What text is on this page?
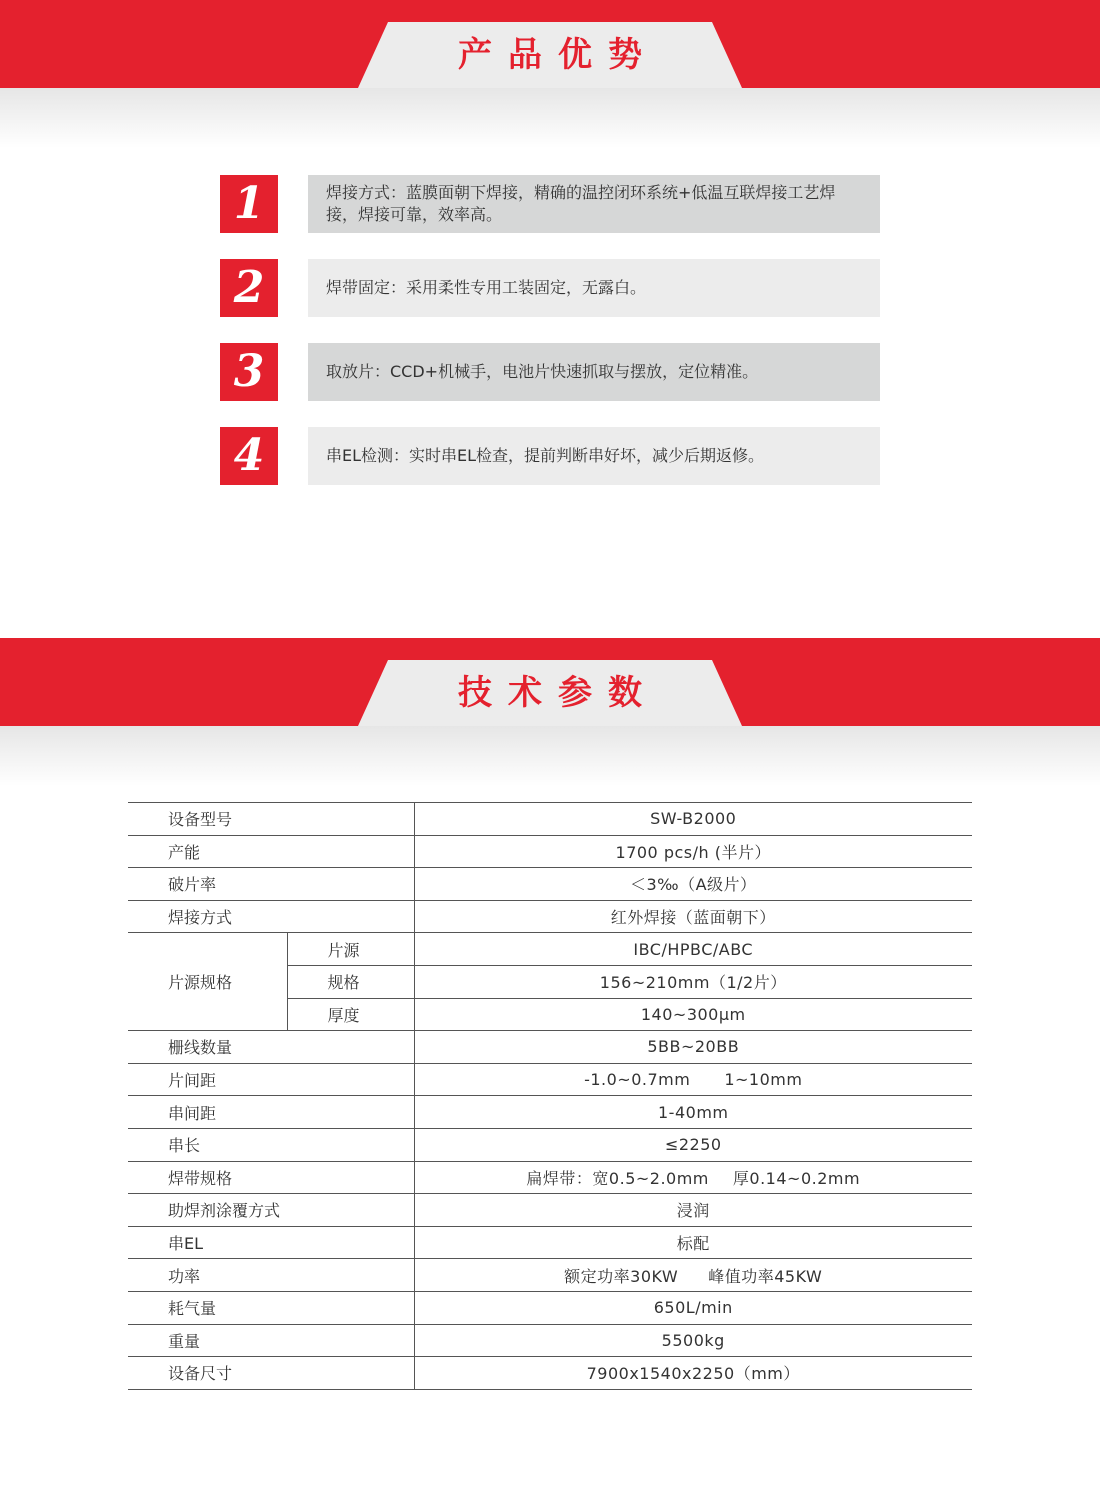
产品优势
1	焊接方式：蓝膜面朝下焊接，精确的温控闭环系统+低温互联焊接工艺焊接，焊接可靠，效率高。
2	焊带固定：采用柔性专用工装固定，无露白。
3	取放片：CCD+机械手，电池片快速抓取与摆放，定位精准。
4	串EL检测：实时串EL检查，提前判断串好坏，减少后期返修。
技术参数
设备型号		SW-B2000
产能		1700 pcs/h (半片）
破片率		＜3‰（A级片）
焊接方式		红外焊接（蓝面朝下）
片源规格	片源	IBC/HPBC/ABC
	规格	156~210mm（1/2片）
	厚度	140~300μm
栅线数量		5BB~20BB
片间距		-1.0~0.7mm 1~10mm
串间距		1-40mm
串长		≤2250
焊带规格		扁焊带：宽0.5~2.0mm 厚0.14~0.2mm
助焊剂涂覆方式		浸润
串EL		标配
功率		额定功率30KW 峰值功率45KW
耗气量		650L/min
重量		5500kg
设备尺寸		7900x1540x2250（mm）
